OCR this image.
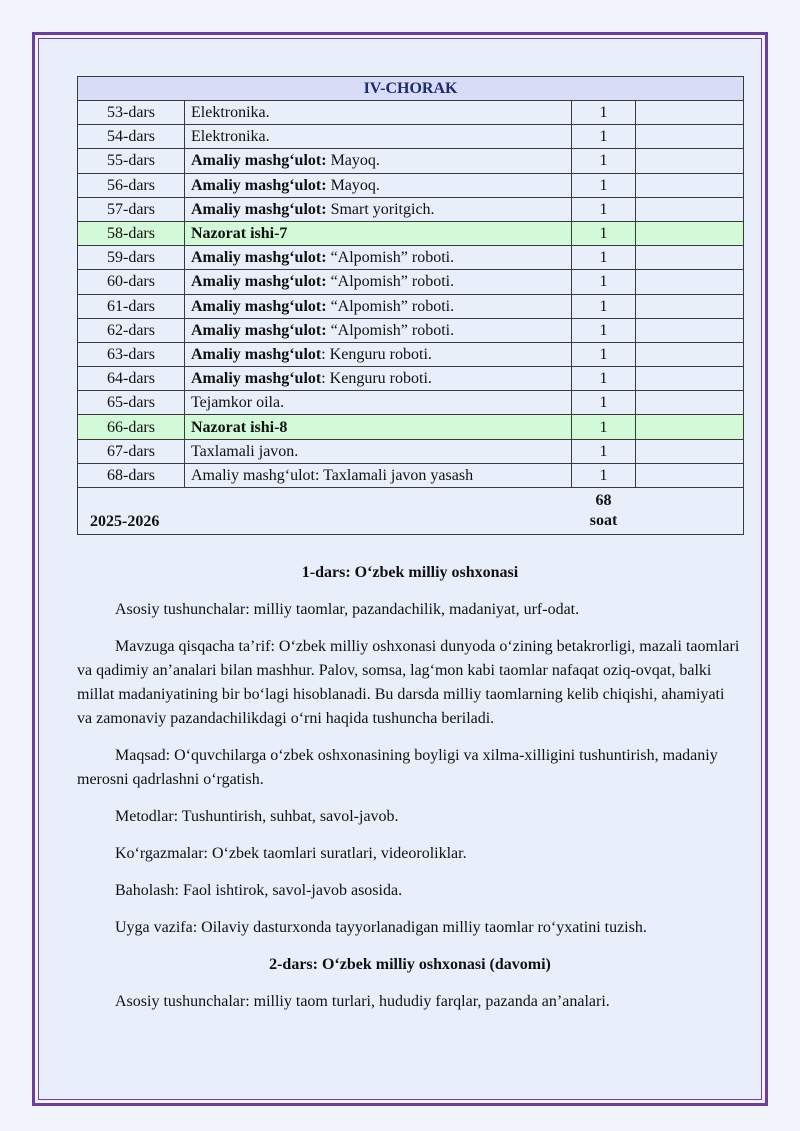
IV-CHORAK			
53-dars	Elektronika.	1	
54-dars	Elektronika.	1	
55-dars	Amaliy mashg‘ulot: Mayoq.	1	
56-dars	Amaliy mashg‘ulot: Mayoq.	1	
57-dars	Amaliy mashg‘ulot: Smart yoritgich.	1	
58-dars	Nazorat ishi-7	1	
59-dars	Amaliy mashg‘ulot: “Alpomish” roboti.	1	
60-dars	Amaliy mashg‘ulot: “Alpomish” roboti.	1	
61-dars	Amaliy mashg‘ulot: “Alpomish” roboti.	1	
62-dars	Amaliy mashg‘ulot: “Alpomish” roboti.	1	
63-dars	Amaliy mashg‘ulot: Kenguru roboti.	1	
64-dars	Amaliy mashg‘ulot: Kenguru roboti.	1	
65-dars	Tejamkor oila.	1	
66-dars	Nazorat ishi-8	1	
67-dars	Taxlamali javon.	1	
68-dars	Amaliy mashg‘ulot: Taxlamali javon yasash	1	
2025-2026		68
soat	
1-dars: O‘zbek milliy oshxonasi

Asosiy tushunchalar: milliy taomlar, pazandachilik, madaniyat, urf-odat.

Mavzuga qisqacha ta’rif: O‘zbek milliy oshxonasi dunyoda o‘zining betakrorligi, mazali taomlari va qadimiy an’analari bilan mashhur. Palov, somsa, lag‘mon kabi taomlar nafaqat oziq-ovqat, balki millat madaniyatining bir bo‘lagi hisoblanadi. Bu darsda milliy taomlarning kelib chiqishi, ahamiyati va zamonaviy pazandachilikdagi o‘rni haqida tushuncha beriladi.

Maqsad: O‘quvchilarga o‘zbek oshxonasining boyligi va xilma-xilligini tushuntirish, madaniy merosni qadrlashni o‘rgatish.

Metodlar: Tushuntirish, suhbat, savol-javob.

Ko‘rgazmalar: O‘zbek taomlari suratlari, videoroliklar.

Baholash: Faol ishtirok, savol-javob asosida.

Uyga vazifa: Oilaviy dasturxonda tayyorlanadigan milliy taomlar ro‘yxatini tuzish.

2-dars: O‘zbek milliy oshxonasi (davomi)

Asosiy tushunchalar: milliy taom turlari, hududiy farqlar, pazanda an’analari.
